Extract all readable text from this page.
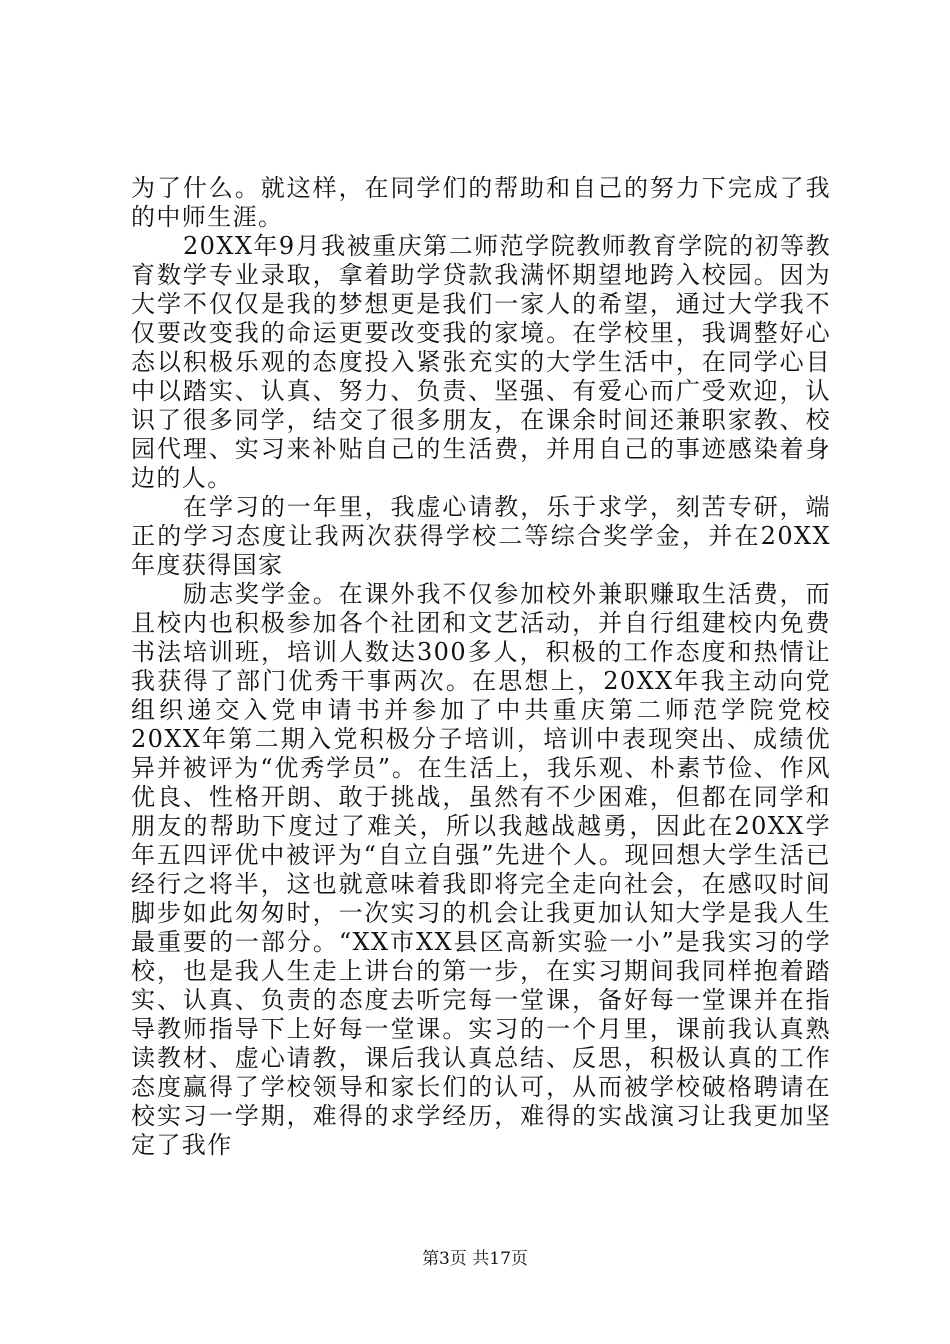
为了什么。就这样，在同学们的帮助和自己的努力下完成了我的中师生涯。

20XX年9月我被重庆第二师范学院教师教育学院的初等教育数学专业录取，拿着助学贷款我满怀期望地跨入校园。因为大学不仅仅是我的梦想更是我们一家人的希望，通过大学我不仅要改变我的命运更要改变我的家境。在学校里，我调整好心态以积极乐观的态度投入紧张充实的大学生活中，在同学心目中以踏实、认真、努力、负责、坚强、有爱心而广受欢迎，认识了很多同学，结交了很多朋友，在课余时间还兼职家教、校园代理、实习来补贴自己的生活费，并用自己的事迹感染着身边的人。

在学习的一年里，我虚心请教，乐于求学，刻苦专研，端正的学习态度让我两次获得学校二等综合奖学金，并在20XX年度获得国家

励志奖学金。在课外我不仅参加校外兼职赚取生活费，而且校内也积极参加各个社团和文艺活动，并自行组建校内免费书法培训班，培训人数达300多人，积极的工作态度和热情让我获得了部门优秀干事两次。在思想上，20XX年我主动向党组织递交入党申请书并参加了中共重庆第二师范学院党校20XX年第二期入党积极分子培训，培训中表现突出、成绩优异并被评为“优秀学员”。在生活上，我乐观、朴素节俭、作风优良、性格开朗、敢于挑战，虽然有不少困难，但都在同学和朋友的帮助下度过了难关，所以我越战越勇，因此在20XX学年五四评优中被评为“自立自强”先进个人。现回想大学生活已经行之将半，这也就意味着我即将完全走向社会，在感叹时间脚步如此匆匆时，一次实习的机会让我更加认知大学是我人生最重要的一部分。“XX市XX县区高新实验一小”是我实习的学校，也是我人生走上讲台的第一步，在实习期间我同样抱着踏实、认真、负责的态度去听完每一堂课，备好每一堂课并在指导教师指导下上好每一堂课。实习的一个月里，课前我认真熟读教材、虚心请教，课后我认真总结、反思，积极认真的工作态度赢得了学校领导和家长们的认可，从而被学校破格聘请在校实习一学期，难得的求学经历，难得的实战演习让我更加坚定了我作

第3页 共17页
